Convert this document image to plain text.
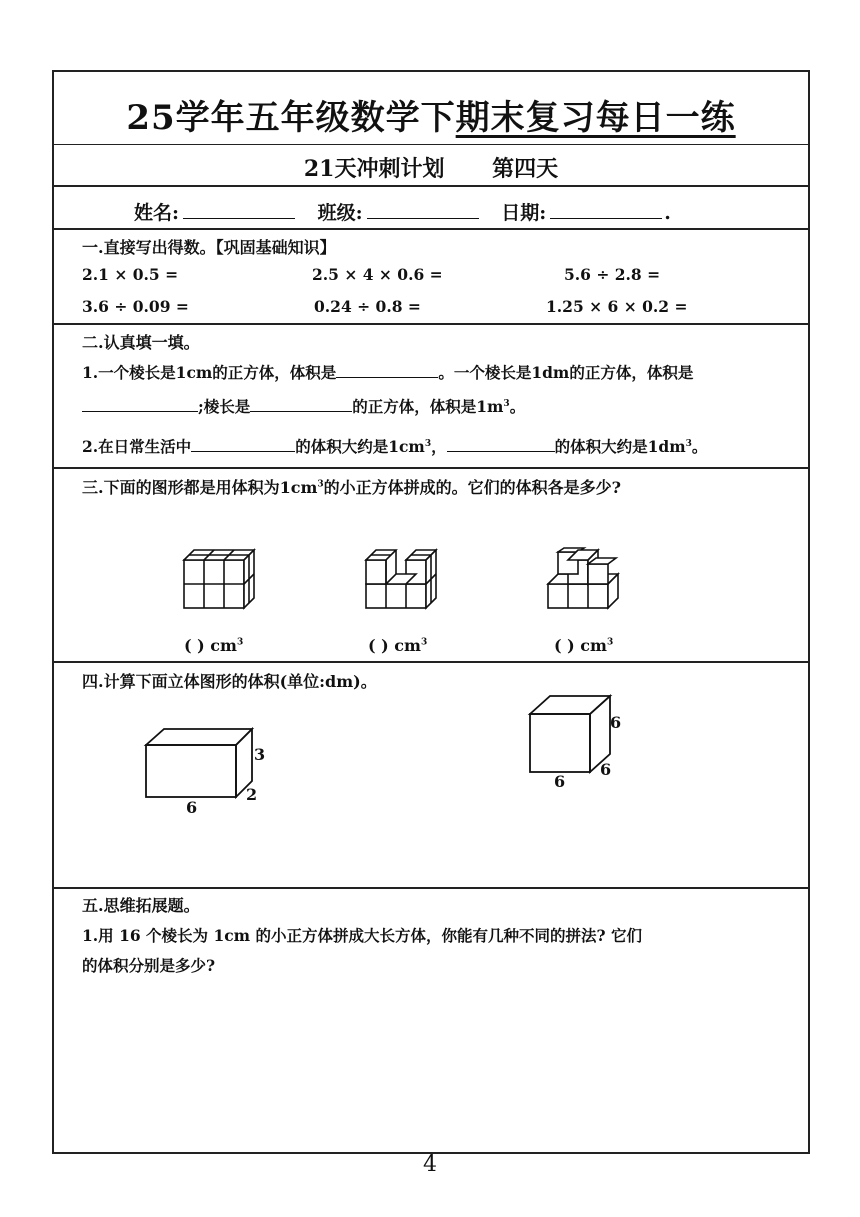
25学年五年级数学下期末复习每日一练
21天冲刺计划 第四天
姓名:	班级:	日期:	.
一.直接写出得数。【巩固基础知识】
2.1 × 0.5 =	2.5 × 4 × 0.6 =	5.6 ÷ 2.8 =
3.6 ÷ 0.09 =	0.24 ÷ 0.8 =	1.25 × 6 × 0.2 =
二.认真填一填。
1.一个棱长是1cm的正方体，体积是	。一个棱长是1dm的正方体，体积是
;棱长是	的正方体，体积是$1m^3$。
2.在日常生活中	的体积大约是$1cm^3$，	的体积大约是$1dm^3$。
三.下面的图形都是用体积为$1cm^3$的小正方体拼成的。它们的体积各是多少?
( ) $cm^3$	( ) $cm^3$	( ) $cm^3$
四.计算下面立体图形的体积(单位:dm)。
6
3
2
6
6
6
五.思维拓展题。
1.用 16 个棱长为 1cm 的小正方体拼成大长方体，你能有几种不同的拼法? 它们
的体积分别是多少?
4
